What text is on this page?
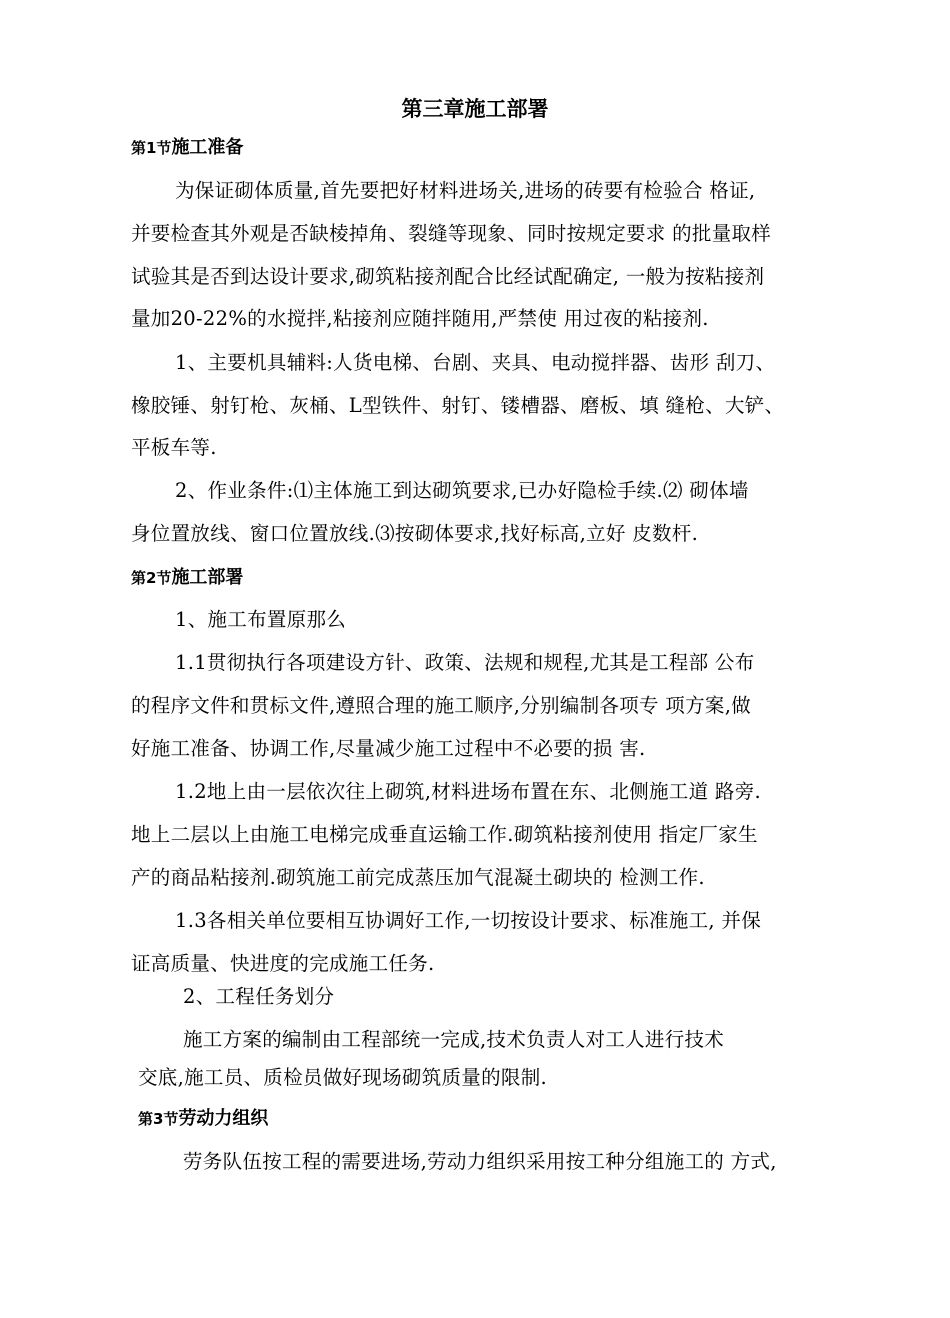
第三章施工部署
第1节施工准备
为保证砌体质量,首先要把好材料进场关,进场的砖要有检验合 格证,
并要检查其外观是否缺棱掉角、裂缝等现象、同时按规定要求 的批量取样
试验其是否到达设计要求,砌筑粘接剂配合比经试配确定, 一般为按粘接剂
量加20-22%的水搅拌,粘接剂应随拌随用,严禁使 用过夜的粘接剂.
1、主要机具辅料:人货电梯、台剧、夹具、电动搅拌器、齿形 刮刀、
橡胶锤、射钉枪、灰桶、L型铁件、射钉、镂槽器、磨板、填 缝枪、大铲、
平板车等.
2、作业条件:⑴主体施工到达砌筑要求,已办好隐检手续.⑵ 砌体墙
身位置放线、窗口位置放线.⑶按砌体要求,找好标高,立好 皮数杆.
第2节施工部署
1、施工布置原那么
1.1贯彻执行各项建设方针、政策、法规和规程,尤其是工程部 公布
的程序文件和贯标文件,遵照合理的施工顺序,分别编制各项专 项方案,做
好施工准备、协调工作,尽量减少施工过程中不必要的损 害.
1.2地上由一层依次往上砌筑,材料进场布置在东、北侧施工道 路旁.
地上二层以上由施工电梯完成垂直运输工作.砌筑粘接剂使用 指定厂家生
产的商品粘接剂.砌筑施工前完成蒸压加气混凝土砌块的 检测工作.
1.3各相关单位要相互协调好工作,一切按设计要求、标准施工, 并保
证高质量、快进度的完成施工任务.
2、工程任务划分
施工方案的编制由工程部统一完成,技术负责人对工人进行技术
交底,施工员、质检员做好现场砌筑质量的限制.
第3节劳动力组织
劳务队伍按工程的需要进场,劳动力组织采用按工种分组施工的 方式,
